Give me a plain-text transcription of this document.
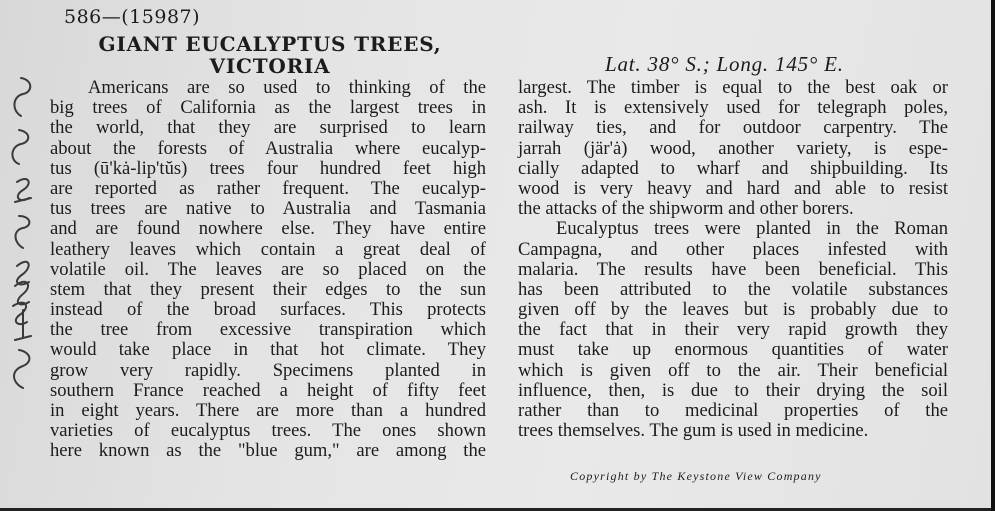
586—(15987)
GIANT EUCALYPTUS TREES,
VICTORIA	Lat. 38° S.; Long. 145° E.
Americans are so used to thinking of the
big trees of California as the largest trees in
the world, that they are surprised to learn
about the forests of Australia where eucalyp-
tus (ū'kȧ-lip'tŭs) trees four hundred feet high
are reported as rather frequent. The eucalyp-
tus trees are native to Australia and Tasmania
and are found nowhere else. They have entire
leathery leaves which contain a great deal of
volatile oil. The leaves are so placed on the
stem that they present their edges to the sun
instead of the broad surfaces. This protects
the tree from excessive transpiration which
would take place in that hot climate. They
grow very rapidly. Specimens planted in
southern France reached a height of fifty feet
in eight years. There are more than a hundred
varieties of eucalyptus trees. The ones shown
here known as the "blue gum," are among the
largest. The timber is equal to the best oak or
ash. It is extensively used for telegraph poles,
railway ties, and for outdoor carpentry. The
jarrah (jär'ȧ) wood, another variety, is espe-
cially adapted to wharf and shipbuilding. Its
wood is very heavy and hard and able to resist
the attacks of the shipworm and other borers.
Eucalyptus trees were planted in the Roman
Campagna, and other places infested with
malaria. The results have been beneficial. This
has been attributed to the volatile substances
given off by the leaves but is probably due to
the fact that in their very rapid growth they
must take up enormous quantities of water
which is given off to the air. Their beneficial
influence, then, is due to their drying the soil
rather than to medicinal properties of the
trees themselves. The gum is used in medicine.
Copyright by The Keystone View Company
